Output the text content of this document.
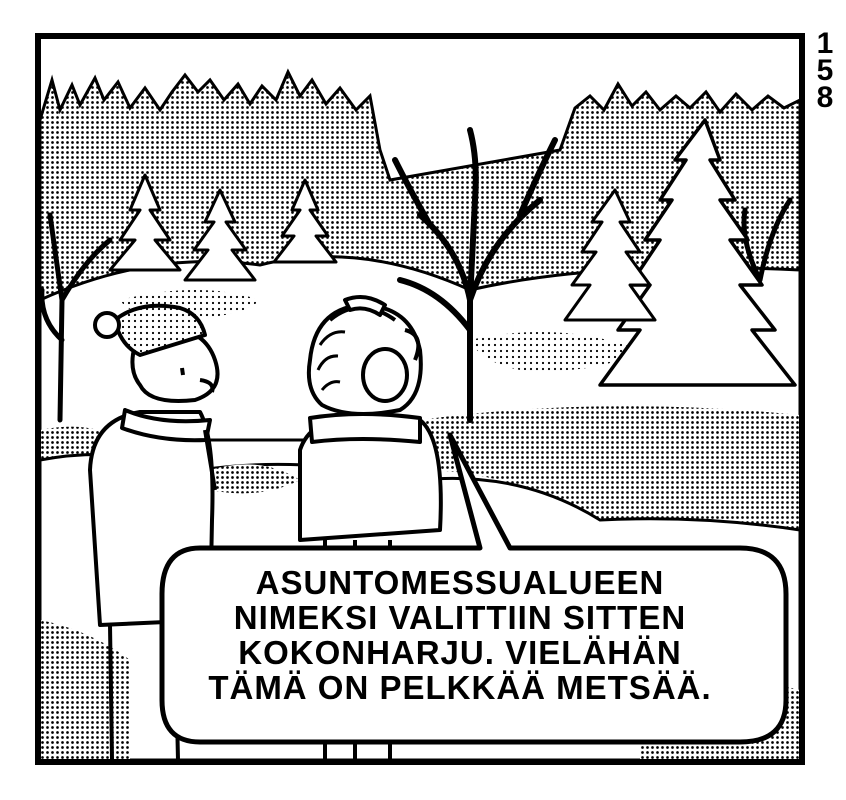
1
5
8
ASUNTOMESSUALUEEN
NIMEKSI VALITTIIN SITTEN
KOKONHARJU. VIELÄHÄN
TÄMÄ ON PELKKÄÄ METSÄÄ.
